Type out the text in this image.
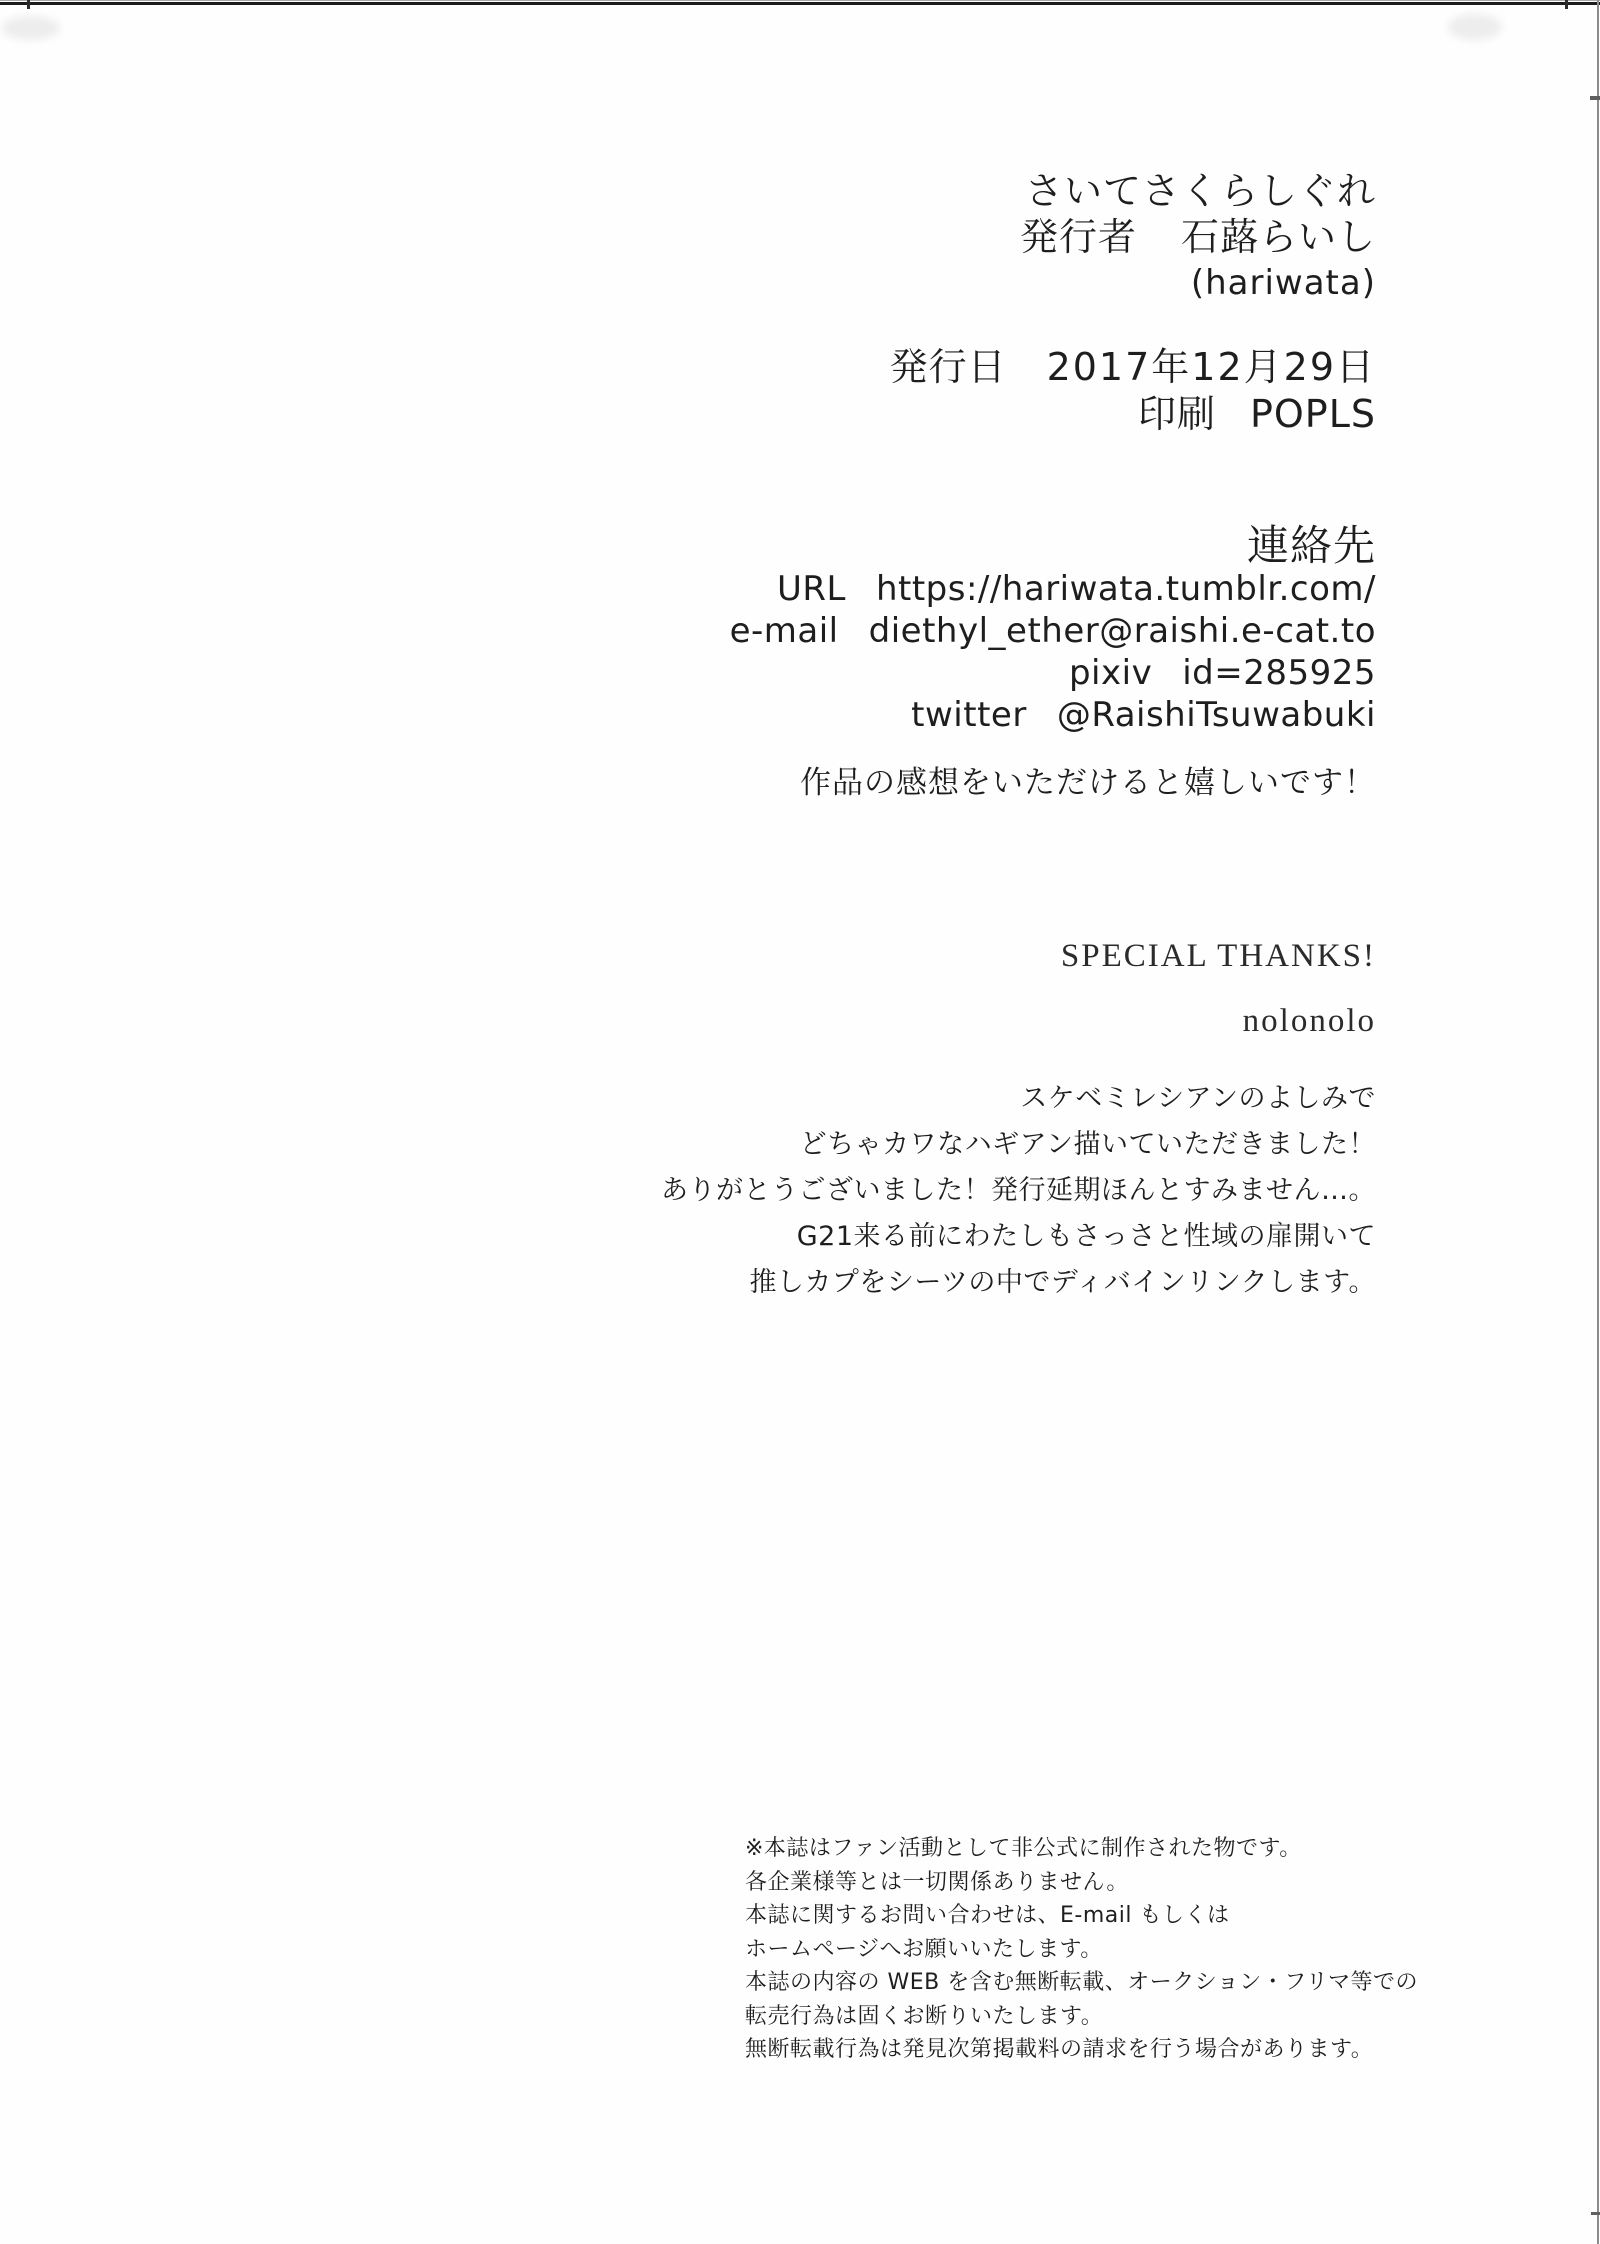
さいてさくらしぐれ
発行者 石蕗らいし
(hariwata)
発行日 2017年12月29日
印刷 POPLS
連絡先
URL https://hariwata.tumblr.com/
e-mail diethyl_ether@raishi.e-cat.to
pixiv id=285925
twitter @RaishiTsuwabuki
作品の感想をいただけると嬉しいです！
SPECIAL THANKS!
nolonolo
スケベミレシアンのよしみで
どちゃカワなハギアン描いていただきました！
ありがとうございました！発行延期ほんとすみません…。
G21来る前にわたしもさっさと性域の扉開いて
推しカプをシーツの中でディバインリンクします。
※本誌はファン活動として非公式に制作された物です。
各企業様等とは一切関係ありません。
本誌に関するお問い合わせは、E-mail もしくは
ホームページへお願いいたします。
本誌の内容の WEB を含む無断転載、オークション・フリマ等での
転売行為は固くお断りいたします。
無断転載行為は発見次第掲載料の請求を行う場合があります。
